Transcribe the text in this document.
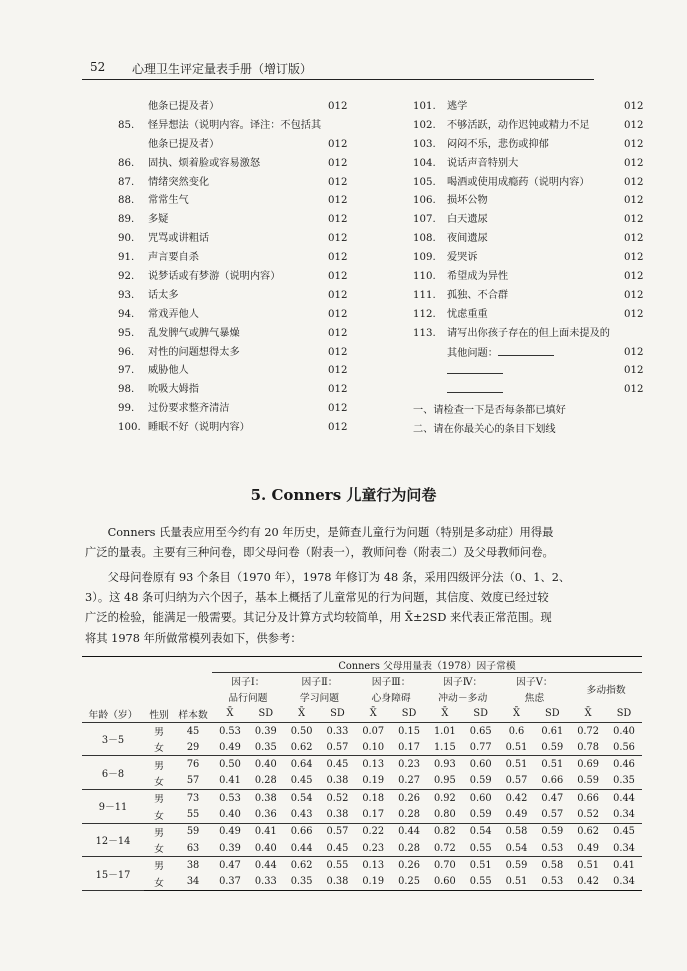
52 心理卫生评定量表手册（增订版）
他条已提及者）	012
85. 怪异想法（说明内容。译注：不包括其
他条已提及者）	012
86. 固执、烦着脸或容易激怒	012
87. 情绪突然变化	012
88. 常常生气	012
89. 多疑	012
90. 咒骂或讲粗话	012
91. 声言要自杀	012
92. 说梦话或有梦游（说明内容）	012
93. 话太多	012
94. 常戏弄他人	012
95. 乱发脾气或脾气暴燥	012
96. 对性的问题想得太多	012
97. 威胁他人	012
98. 吮吸大姆指	012
99. 过份要求整齐清洁	012
100. 睡眠不好（说明内容）	012
101. 逃学	012
102. 不够活跃，动作迟钝或精力不足	012
103. 闷闷不乐，悲伤或抑郁	012
104. 说话声音特别大	012
105. 喝酒或使用成瘾药（说明内容）	012
106. 损坏公物	012
107. 白天遗尿	012
108. 夜间遗尿	012
109. 爱哭诉	012
110. 希望成为异性	012
111. 孤独、不合群	012
112. 忧虑重重	012
113. 请写出你孩子存在的但上面未提及的
其他问题：	012
012
012
一、请检查一下是否每条都已填好
二、请在你最关心的条目下划线
5. Conners 儿童行为问卷
　　Conners 氏量表应用至今约有 20 年历史，是筛查儿童行为问题（特别是多动症）用得最
广泛的量表。主要有三种问卷，即父母问卷（附表一），教师问卷（附表二）及父母教师问卷。
　　父母问卷原有 93 个条目（1970 年），1978 年修订为 48 条，采用四级评分法（0、1、2、
3）。这 48 条可归纳为六个因子，基本上概括了儿童常见的行为问题，其信度、效度已经过较
广泛的检验，能满足一般需要。其记分及计算方式均较简单，用 X̄±2SD 来代表正常范围。现
将其 1978 年所做常模列表如下，供参考：
			Conners 父母用量表（1978）因子常模											
			因子Ⅰ：		因子Ⅱ：		因子Ⅲ：		因子Ⅳ：		因子Ⅴ：		多动指数	
			品行问题		学习问题		心身障碍		冲动－多动		焦虑			
年龄（岁）	性别	样本数	X̄	SD	X̄	SD	X̄	SD	X̄	SD	X̄	SD	X̄	SD
3－5	男	45	0.53	0.39	0.50	0.33	0.07	0.15	1.01	0.65	0.6	0.61	0.72	0.40
	女	29	0.49	0.35	0.62	0.57	0.10	0.17	1.15	0.77	0.51	0.59	0.78	0.56
6－8	男	76	0.50	0.40	0.64	0.45	0.13	0.23	0.93	0.60	0.51	0.51	0.69	0.46
	女	57	0.41	0.28	0.45	0.38	0.19	0.27	0.95	0.59	0.57	0.66	0.59	0.35
9－11	男	73	0.53	0.38	0.54	0.52	0.18	0.26	0.92	0.60	0.42	0.47	0.66	0.44
	女	55	0.40	0.36	0.43	0.38	0.17	0.28	0.80	0.59	0.49	0.57	0.52	0.34
12－14	男	59	0.49	0.41	0.66	0.57	0.22	0.44	0.82	0.54	0.58	0.59	0.62	0.45
	女	63	0.39	0.40	0.44	0.45	0.23	0.28	0.72	0.55	0.54	0.53	0.49	0.34
15－17	男	38	0.47	0.44	0.62	0.55	0.13	0.26	0.70	0.51	0.59	0.58	0.51	0.41
	女	34	0.37	0.33	0.35	0.38	0.19	0.25	0.60	0.55	0.51	0.53	0.42	0.34
